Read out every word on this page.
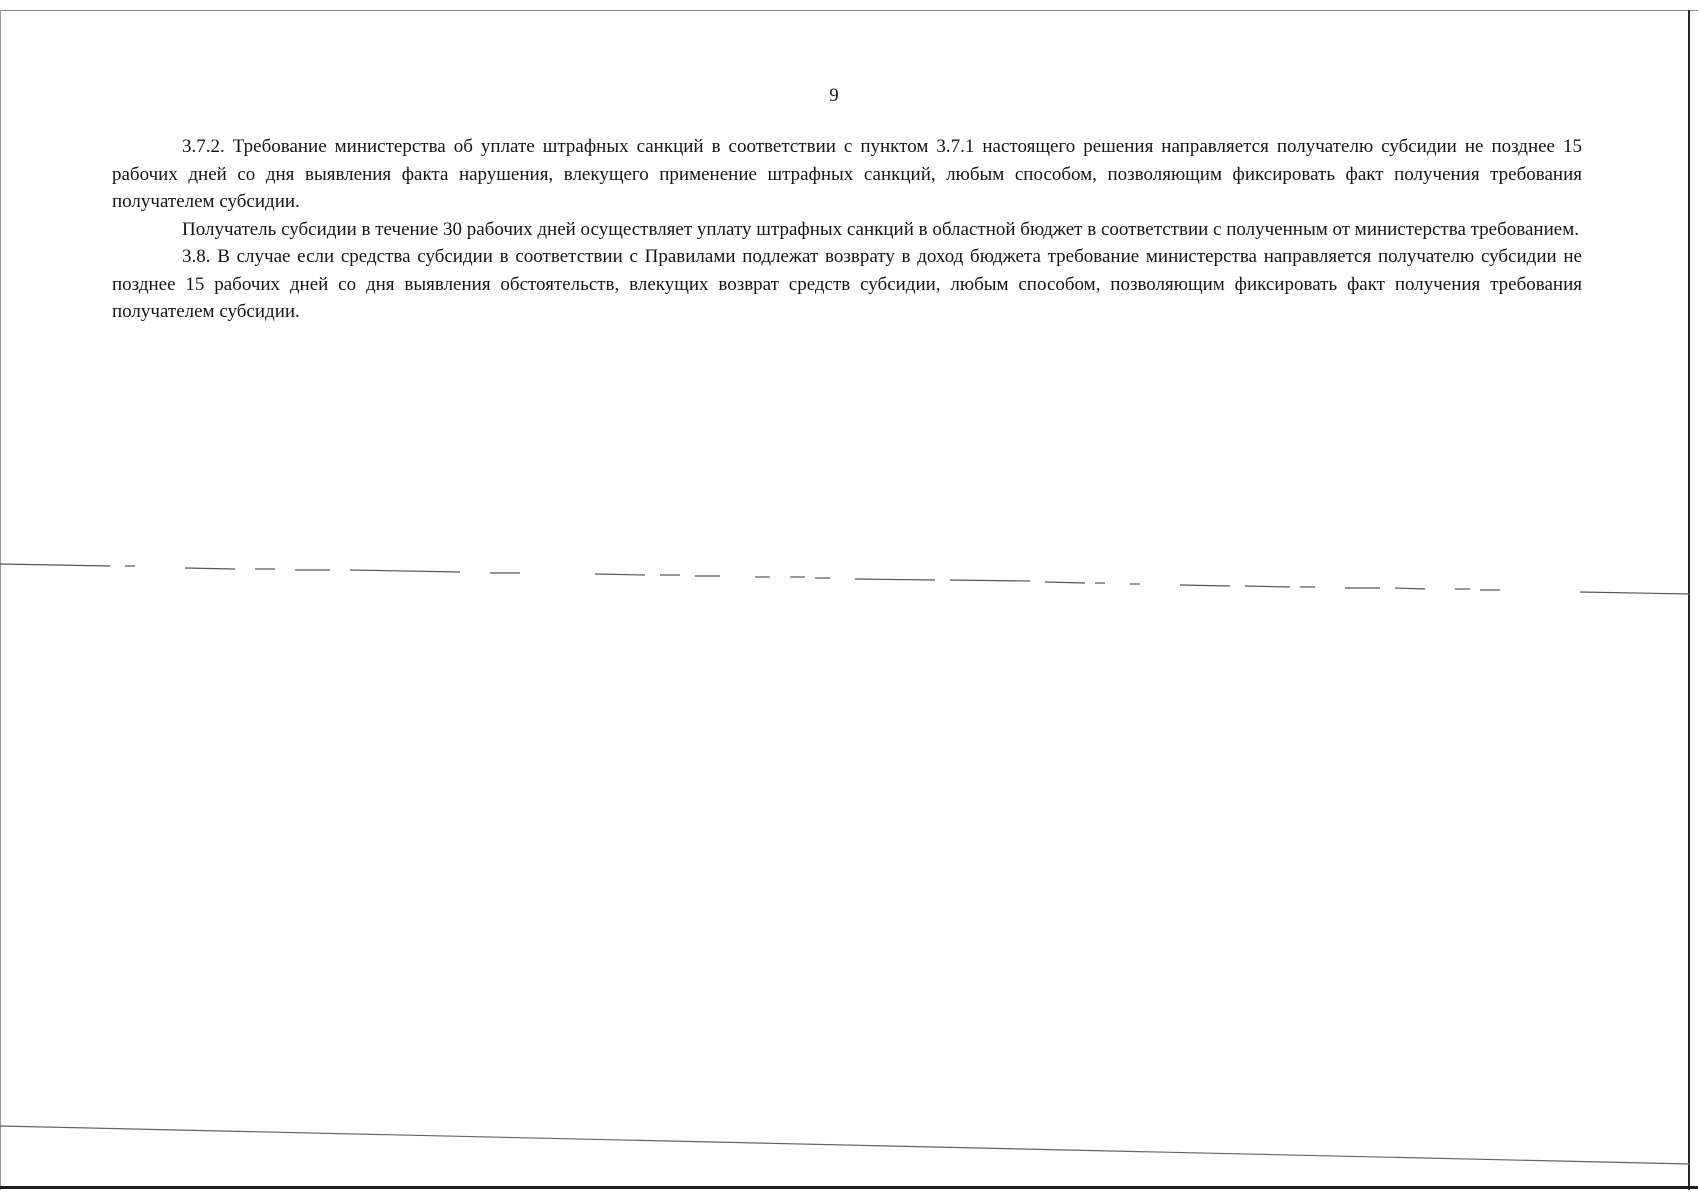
9

3.7.2. Требование министерства об уплате штрафных санкций в соответствии с пунктом 3.7.1 настоящего решения направляется получателю субсидии не позднее 15 рабочих дней со дня выявления факта нарушения, влекущего применение штрафных санкций, любым способом, позволяющим фиксировать факт получения требования получателем субсидии.

Получатель субсидии в течение 30 рабочих дней осуществляет уплату штрафных санкций в областной бюджет в соответствии с полученным от министерства требованием.

3.8. В случае если средства субсидии в соответствии с Правилами подлежат возврату в доход бюджета требование министерства направляется получателю субсидии не позднее 15 рабочих дней со дня выявления обстоятельств, влекущих возврат средств субсидии, любым способом, позволяющим фиксировать факт получения требования получателем субсидии.
